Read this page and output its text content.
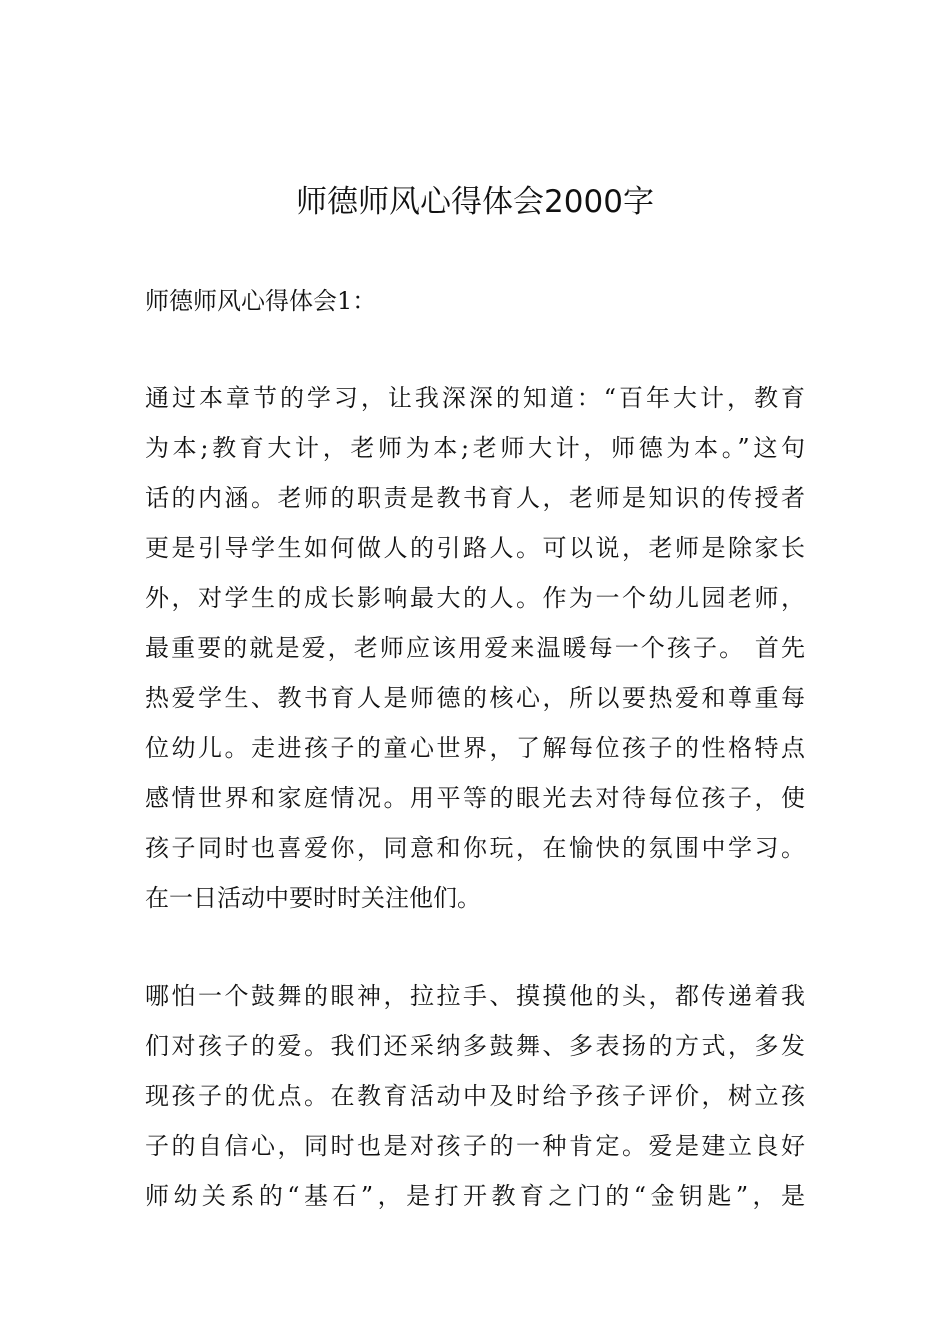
师德师风心得体会2000字
师德师风心得体会1：
通过本章节的学习，让我深深的知道：“百年大计，教育
为本;教育大计，老师为本;老师大计，师德为本。”这句
话的内涵。老师的职责是教书育人，老师是知识的传授者
更是引导学生如何做人的引路人。可以说，老师是除家长
外，对学生的成长影响最大的人。作为一个幼儿园老师，
最重要的就是爱，老师应该用爱来温暖每一个孩子。 首先
热爱学生、教书育人是师德的核心，所以要热爱和尊重每
位幼儿。走进孩子的童心世界，了解每位孩子的性格特点
感情世界和家庭情况。用平等的眼光去对待每位孩子，使
孩子同时也喜爱你，同意和你玩，在愉快的氛围中学习。
在一日活动中要时时关注他们。
哪怕一个鼓舞的眼神，拉拉手、摸摸他的头，都传递着我
们对孩子的爱。我们还采纳多鼓舞、多表扬的方式，多发
现孩子的优点。在教育活动中及时给予孩子评价，树立孩
子的自信心，同时也是对孩子的一种肯定。爱是建立良好
师幼关系的“基石”，是打开教育之门的“金钥匙”，是
